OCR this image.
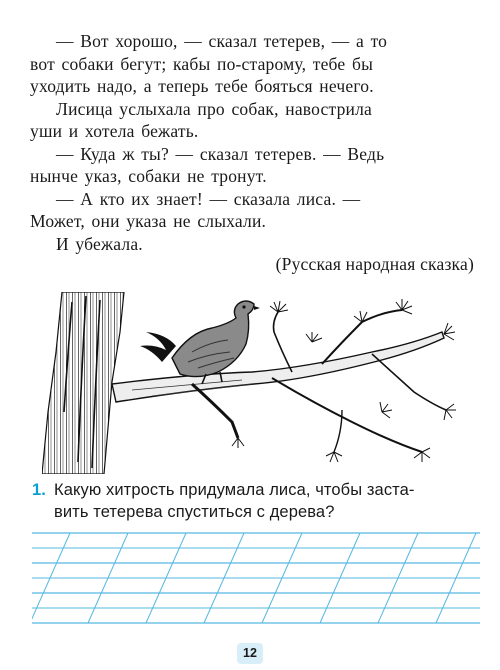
— Вот хорошо, — сказал тетерев, — а то
вот собаки бегут; кабы по-старому, тебе бы
уходить надо, а теперь тебе бояться нечего.

Лисица услыхала про собак, навострила
уши и хотела бежать.

— Куда ж ты? — сказал тетерев. — Ведь
нынче указ, собаки не тронут.

— А кто их знает! — сказала лиса. —
Может, они указа не слыхали.

И убежала.

(Русская народная сказка)
1. Какую хитрость придумала лиса, чтобы заста-
вить тетерева спуститься с дерева?
12
